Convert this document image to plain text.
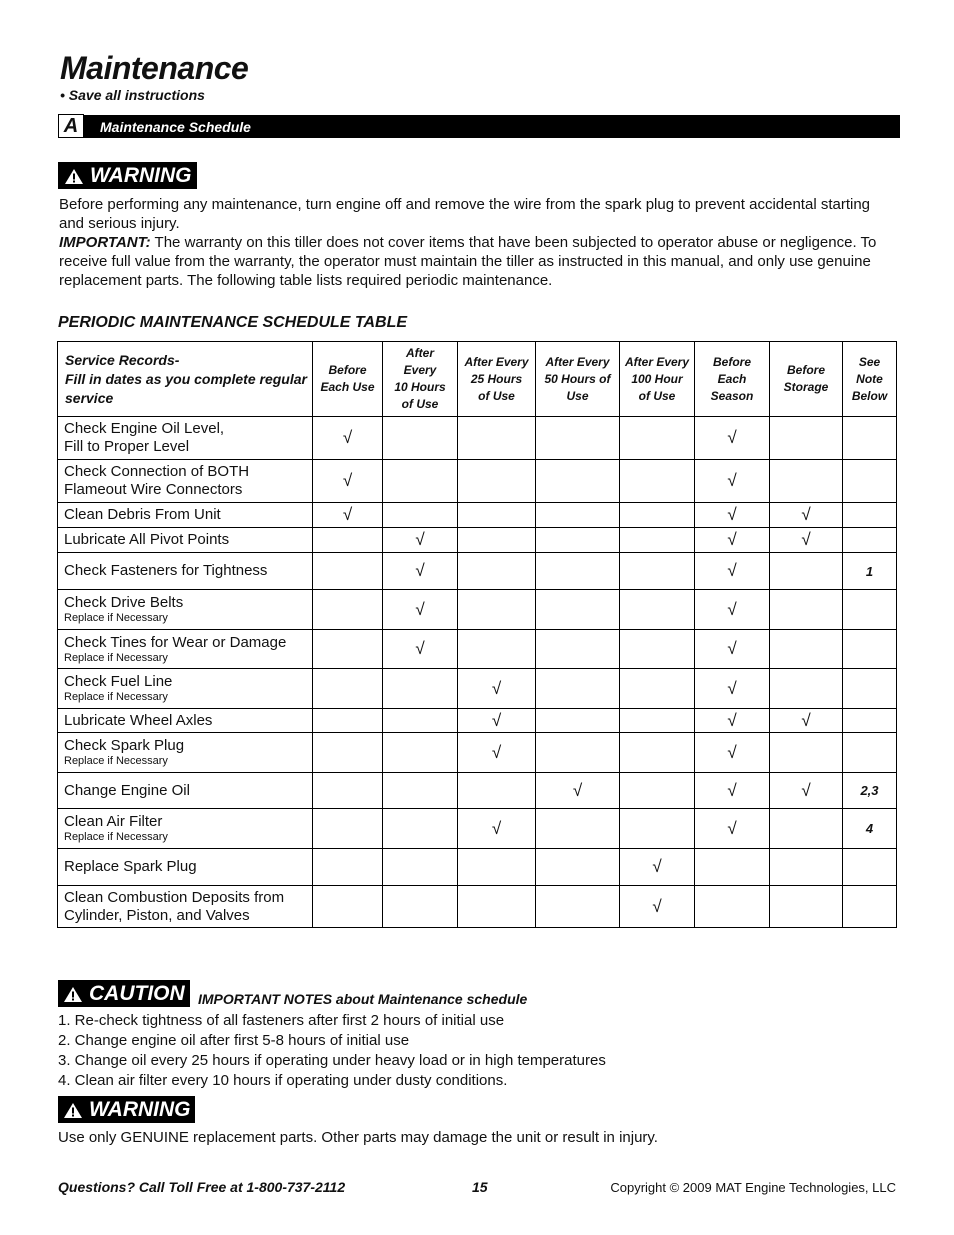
Maintenance
• Save all instructions
A	Maintenance Schedule
WARNING
Before performing any maintenance, turn engine off and remove the wire from the spark plug to prevent accidental starting and serious injury.
IMPORTANT: The warranty on this tiller does not cover items that have been subjected to operator abuse or negligence. To receive full value from the warranty, the operator must maintain the tiller as instructed in this manual, and only use genuine replacement parts. The following table lists required periodic maintenance.
PERIODIC MAINTENANCE SCHEDULE TABLE
Service Records-
Fill in dates as you complete regular service	Before
Each Use	After
Every
10 Hours
of Use	After Every
25 Hours
of Use	After Every
50 Hours of
Use	After Every
100 Hour
of Use	Before
Each
Season	Before
Storage	See
Note
Below
Check Engine Oil Level,
Fill to Proper Level	√					√		
Check Connection of BOTH
Flameout Wire Connectors	√					√		
Clean Debris From Unit	√					√	√	
Lubricate All Pivot Points		√				√	√	
Check Fasteners for Tightness		√				√		1
Check Drive Belts
Replace if Necessary		√				√		
Check Tines for Wear or Damage
Replace if Necessary		√				√		
Check Fuel Line
Replace if Necessary			√			√		
Lubricate Wheel Axles			√			√	√	
Check Spark Plug
Replace if Necessary			√			√		
Change Engine Oil				√		√	√	2,3
Clean Air Filter
Replace if Necessary			√			√		4
Replace Spark Plug					√			
Clean Combustion Deposits from
Cylinder, Piston, and Valves					√			
CAUTION IMPORTANT NOTES about Maintenance schedule
1. Re-check tightness of all fasteners after first 2 hours of initial use
2. Change engine oil after first 5-8 hours of initial use
3. Change oil every 25 hours if operating under heavy load or in high temperatures
4. Clean air filter every 10 hours if operating under dusty conditions.
WARNING
Use only GENUINE replacement parts. Other parts may damage the unit or result in injury.
Questions? Call Toll Free at 1-800-737-2112	15	Copyright © 2009 MAT Engine Technologies, LLC
